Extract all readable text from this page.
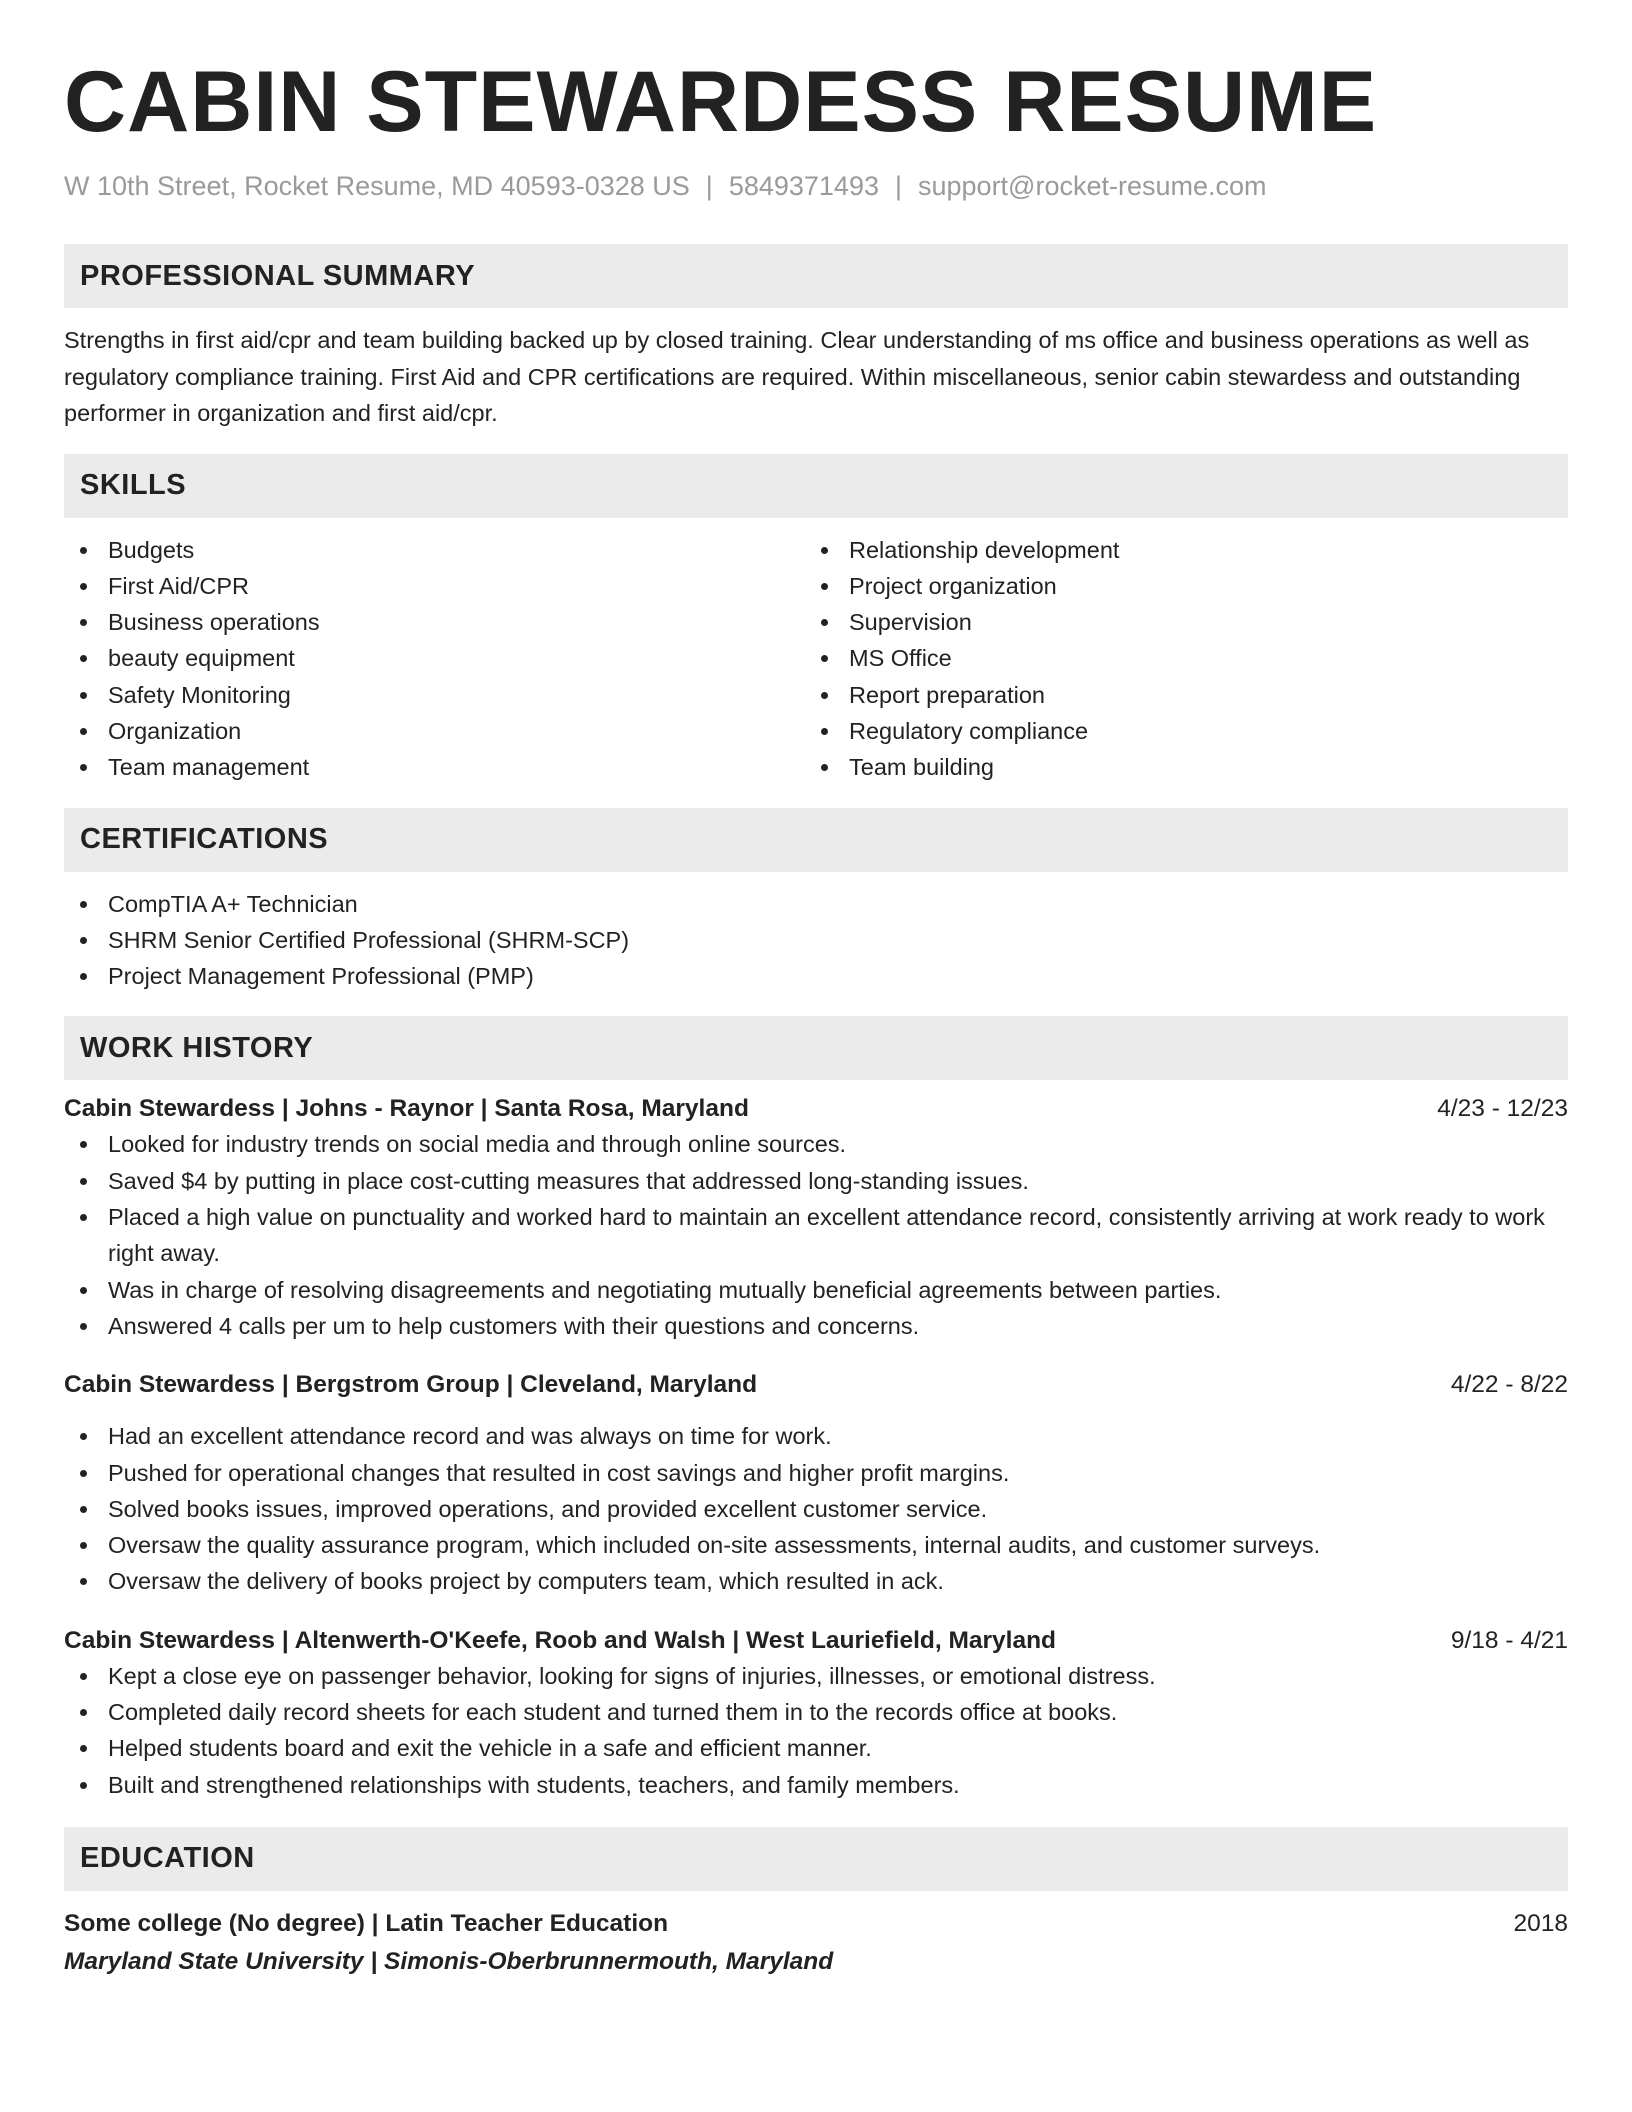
CABIN STEWARDESS RESUME
W 10th Street, Rocket Resume, MD 40593-0328 US | 5849371493 | support@rocket-resume.com
PROFESSIONAL SUMMARY
Strengths in first aid/cpr and team building backed up by closed training. Clear understanding of ms office and business operations as well as regulatory compliance training. First Aid and CPR certifications are required. Within miscellaneous, senior cabin stewardess and outstanding performer in organization and first aid/cpr.
SKILLS
Budgets
First Aid/CPR
Business operations
beauty equipment
Safety Monitoring
Organization
Team management
Relationship development
Project organization
Supervision
MS Office
Report preparation
Regulatory compliance
Team building
CERTIFICATIONS
CompTIA A+ Technician
SHRM Senior Certified Professional (SHRM-SCP)
Project Management Professional (PMP)
WORK HISTORY
Cabin Stewardess | Johns - Raynor | Santa Rosa, Maryland	4/23 - 12/23
Looked for industry trends on social media and through online sources.
Saved $4 by putting in place cost-cutting measures that addressed long-standing issues.
Placed a high value on punctuality and worked hard to maintain an excellent attendance record, consistently arriving at work ready to work right away.
Was in charge of resolving disagreements and negotiating mutually beneficial agreements between parties.
Answered 4 calls per um to help customers with their questions and concerns.
Cabin Stewardess | Bergstrom Group | Cleveland, Maryland	4/22 - 8/22
Had an excellent attendance record and was always on time for work.
Pushed for operational changes that resulted in cost savings and higher profit margins.
Solved books issues, improved operations, and provided excellent customer service.
Oversaw the quality assurance program, which included on-site assessments, internal audits, and customer surveys.
Oversaw the delivery of books project by computers team, which resulted in ack.
Cabin Stewardess | Altenwerth-O'Keefe, Roob and Walsh | West Lauriefield, Maryland	9/18 - 4/21
Kept a close eye on passenger behavior, looking for signs of injuries, illnesses, or emotional distress.
Completed daily record sheets for each student and turned them in to the records office at books.
Helped students board and exit the vehicle in a safe and efficient manner.
Built and strengthened relationships with students, teachers, and family members.
EDUCATION
Some college (No degree) | Latin Teacher Education	2018
Maryland State University | Simonis-Oberbrunnermouth, Maryland
